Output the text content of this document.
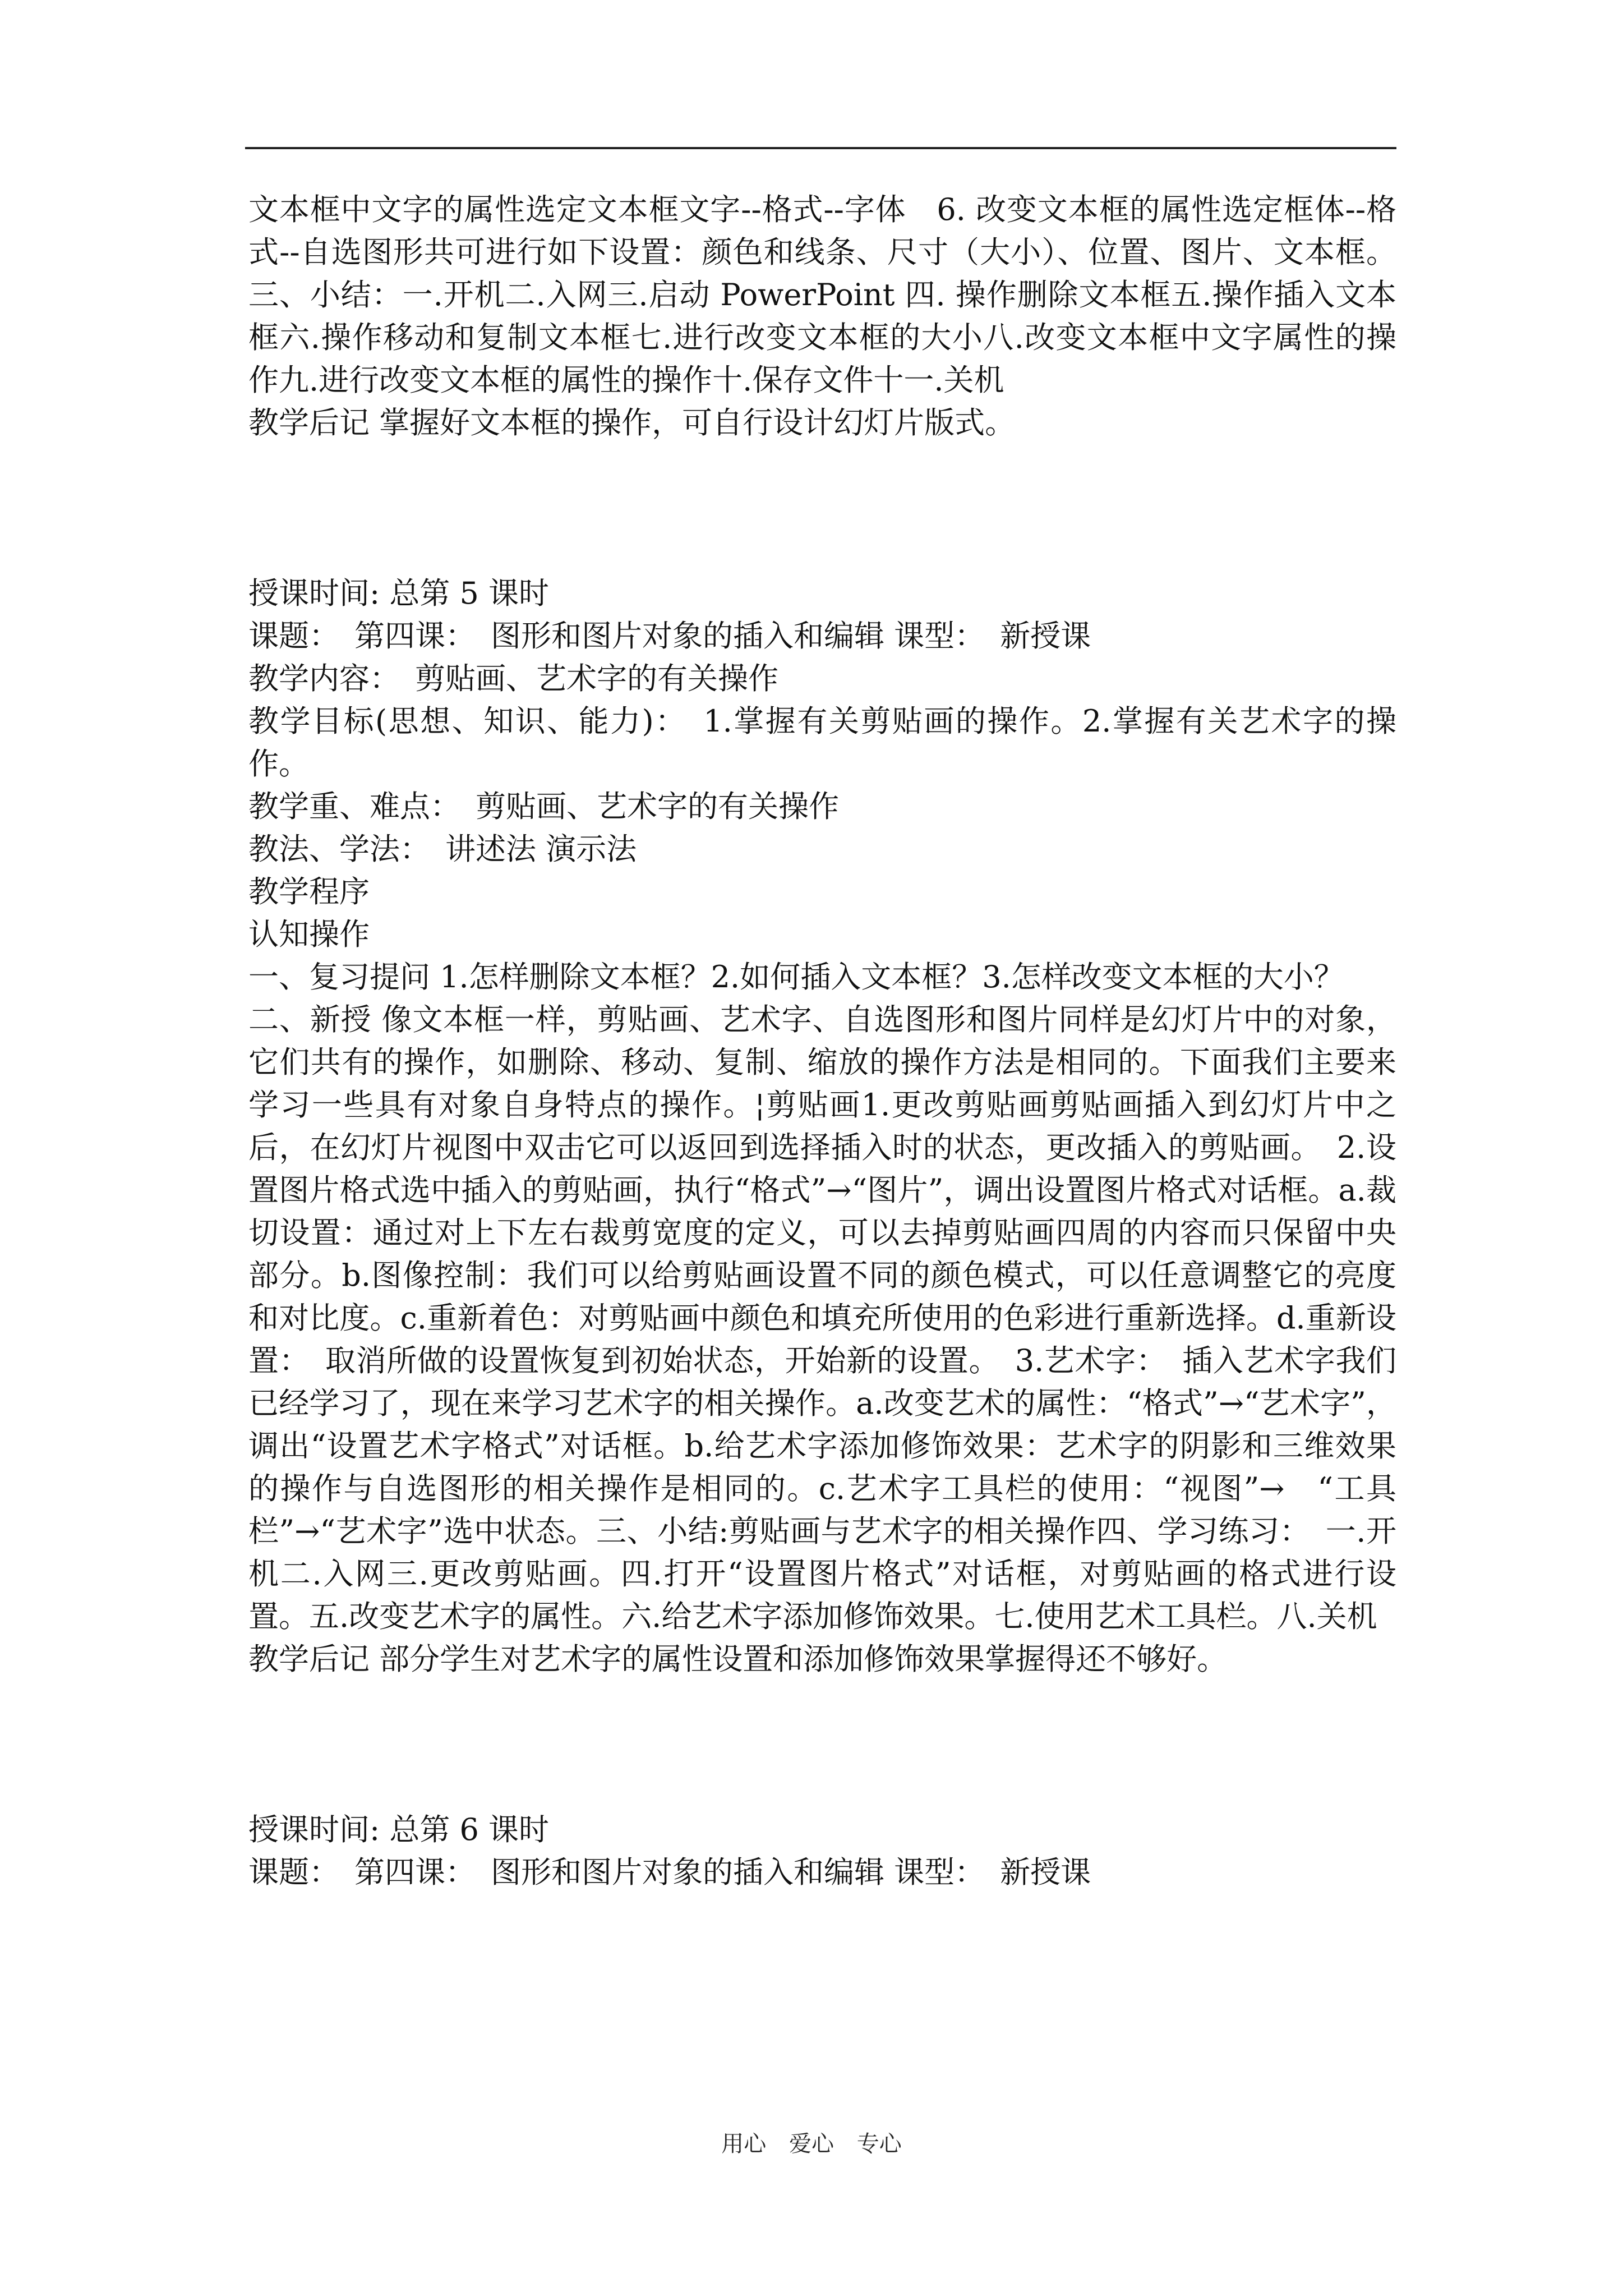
文本框中文字的属性选定文本框文字--格式--字体　6. 改变文本框的属性选定框体--格式--自选图形共可进行如下设置：颜色和线条、尺寸（大小）、位置、图片、文本框。三、小结：一.开机二.入网三.启动 PowerPoint 四. 操作删除文本框五.操作插入文本框六.操作移动和复制文本框七.进行改变文本框的大小八.改变文本框中文字属性的操作九.进行改变文本框的属性的操作十.保存文件十一.关机

教学后记 掌握好文本框的操作，可自行设计幻灯片版式。

授课时间: 总第 5 课时

课题：　第四课：　图形和图片对象的插入和编辑 课型：　新授课

教学内容：　剪贴画、艺术字的有关操作

教学目标(思想、知识、能力)：　1.掌握有关剪贴画的操作。2.掌握有关艺术字的操作。

教学重、难点：　剪贴画、艺术字的有关操作

教法、学法：　讲述法 演示法

教学程序

认知操作

一、复习提问 1.怎样删除文本框？2.如何插入文本框？3.怎样改变文本框的大小？

二、新授 像文本框一样，剪贴画、艺术字、自选图形和图片同样是幻灯片中的对象，它们共有的操作，如删除、移动、复制、缩放的操作方法是相同的。下面我们主要来学习一些具有对象自身特点的操作。¦剪贴画1.更改剪贴画剪贴画插入到幻灯片中之后，在幻灯片视图中双击它可以返回到选择插入时的状态，更改插入的剪贴画。　2.设置图片格式选中插入的剪贴画，执行“格式”→“图片”，调出设置图片格式对话框。a.裁切设置：通过对上下左右裁剪宽度的定义，可以去掉剪贴画四周的内容而只保留中央部分。b.图像控制：我们可以给剪贴画设置不同的颜色模式，可以任意调整它的亮度和对比度。c.重新着色：对剪贴画中颜色和填充所使用的色彩进行重新选择。d.重新设置：　取消所做的设置恢复到初始状态，开始新的设置。　3.艺术字：　插入艺术字我们已经学习了，现在来学习艺术字的相关操作。a.改变艺术的属性：“格式”→“艺术字”，调出“设置艺术字格式”对话框。b.给艺术字添加修饰效果：艺术字的阴影和三维效果的操作与自选图形的相关操作是相同的。c.艺术字工具栏的使用：“视图”→　“工具栏”→“艺术字”选中状态。三、小结:剪贴画与艺术字的相关操作四、学习练习：　一.开机二.入网三.更改剪贴画。四.打开“设置图片格式”对话框，对剪贴画的格式进行设置。五.改变艺术字的属性。六.给艺术字添加修饰效果。七.使用艺术工具栏。八.关机

教学后记 部分学生对艺术字的属性设置和添加修饰效果掌握得还不够好。

授课时间: 总第 6 课时

课题：　第四课：　图形和图片对象的插入和编辑 课型：　新授课

用心 爱心 专心
